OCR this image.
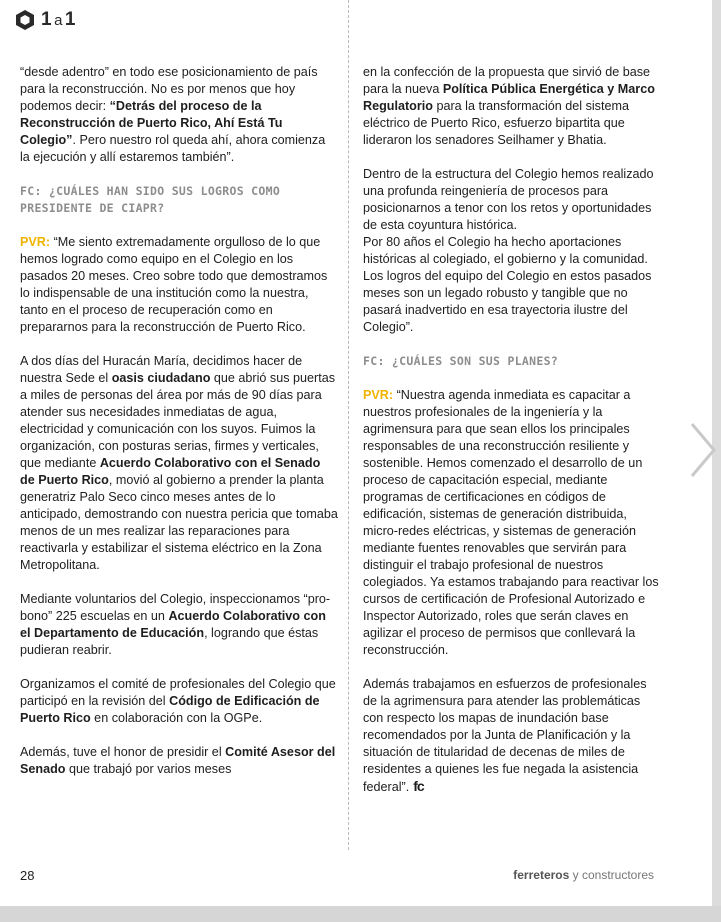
1 a 1

“desde adentro” en todo ese posicionamiento de país para la reconstrucción. No es por menos que hoy podemos decir: “Detrás del proceso de la Reconstrucción de Puerto Rico, Ahí Está Tu Colegio”. Pero nuestro rol queda ahí, ahora comienza la ejecución y allí estaremos también”.

FC: ¿CUÁLES HAN SIDO SUS LOGROS COMO PRESIDENTE DE CIAPR?

PVR: “Me siento extremadamente orgulloso de lo que hemos logrado como equipo en el Colegio en los pasados 20 meses. Creo sobre todo que demostramos lo indispensable de una institución como la nuestra, tanto en el proceso de recuperación como en prepararnos para la reconstrucción de Puerto Rico.

A dos días del Huracán María, decidimos hacer de nuestra Sede el oasis ciudadano que abrió sus puertas a miles de personas del área por más de 90 días para atender sus necesidades inmediatas de agua, electricidad y comunicación con los suyos. Fuimos la organización, con posturas serias, firmes y verticales, que mediante Acuerdo Colaborativo con el Senado de Puerto Rico, movió al gobierno a prender la planta generatriz Palo Seco cinco meses antes de lo anticipado, demostrando con nuestra pericia que tomaba menos de un mes realizar las reparaciones para reactivarla y estabilizar el sistema eléctrico en la Zona Metropolitana.

Mediante voluntarios del Colegio, inspeccionamos “pro-bono” 225 escuelas en un Acuerdo Colaborativo con el Departamento de Educación, logrando que éstas pudieran reabrir.

Organizamos el comité de profesionales del Colegio que participó en la revisión del Código de Edificación de Puerto Rico en colaboración con la OGPe.

Además, tuve el honor de presidir el Comité Asesor del Senado que trabajó por varios meses

en la confección de la propuesta que sirvió de base para la nueva Política Pública Energética y Marco Regulatorio para la transformación del sistema eléctrico de Puerto Rico, esfuerzo bipartita que lideraron los senadores Seilhamer y Bhatia.

Dentro de la estructura del Colegio hemos realizado una profunda reingeniería de procesos para posicionarnos a tenor con los retos y oportunidades de esta coyuntura histórica.

Por 80 años el Colegio ha hecho aportaciones históricas al colegiado, el gobierno y la comunidad. Los logros del equipo del Colegio en estos pasados meses son un legado robusto y tangible que no pasará inadvertido en esa trayectoria ilustre del Colegio”.

FC: ¿CUÁLES SON SUS PLANES?

PVR: “Nuestra agenda inmediata es capacitar a nuestros profesionales de la ingeniería y la agrimensura para que sean ellos los principales responsables de una reconstrucción resiliente y sostenible. Hemos comenzado el desarrollo de un proceso de capacitación especial, mediante programas de certificaciones en códigos de edificación, sistemas de generación distribuida, micro-redes eléctricas, y sistemas de generación mediante fuentes renovables que servirán para distinguir el trabajo profesional de nuestros colegiados. Ya estamos trabajando para reactivar los cursos de certificación de Profesional Autorizado e Inspector Autorizado, roles que serán claves en agilizar el proceso de permisos que conllevará la reconstrucción.

Además trabajamos en esfuerzos de profesionales de la agrimensura para atender las problemáticas con respecto los mapas de inundación base recomendados por la Junta de Planificación y la situación de titularidad de decenas de miles de residentes a quienes les fue negada la asistencia federal”. fc

28	ferreteros y constructores
